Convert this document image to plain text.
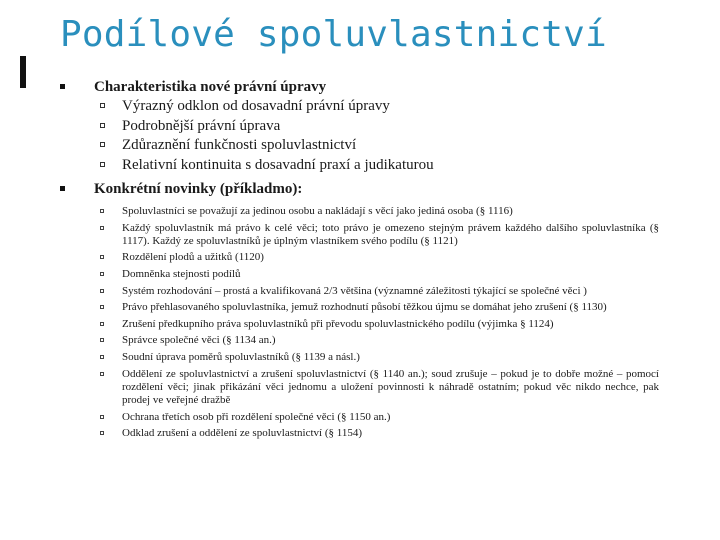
Podílové spoluvlastnictví
Charakteristika nové právní úpravy
Výrazný odklon od dosavadní právní úpravy
Podrobnější právní úprava
Zdůraznění funkčnosti spoluvlastnictví
Relativní kontinuita s dosavadní praxí a judikaturou
Konkrétní novinky (příkladmo):
Spoluvlastníci se považují za jedinou osobu a nakládají s věcí jako jediná osoba (§ 1116)
Každý spoluvlastník má právo k celé věci; toto právo je omezeno stejným právem každého dalšího spoluvlastníka (§ 1117). Každý ze spoluvlastníků je úplným vlastníkem svého podílu (§ 1121)
Rozdělení plodů a užitků (1120)
Domněnka stejnosti podílů
Systém rozhodování – prostá a kvalifikovaná 2/3 většina (významné záležitosti týkající se společné věci )
Právo přehlasovaného spoluvlastníka, jemuž rozhodnutí působí těžkou újmu se domáhat jeho zrušení (§ 1130)
Zrušení předkupního práva spoluvlastníků při převodu spoluvlastnického podílu (výjimka § 1124)
Správce společné věci (§ 1134 an.)
Soudní úprava poměrů spoluvlastníků (§ 1139 a násl.)
Oddělení ze spoluvlastnictví a zrušení spoluvlastnictví (§ 1140 an.); soud zrušuje – pokud je to dobře možné – pomocí rozdělení věci; jinak přikázání věci jednomu a uložení povinnosti k náhradě ostatním; pokud věc nikdo nechce, pak prodej ve veřejné dražbě
Ochrana třetích osob při rozdělení společné věci (§ 1150 an.)
Odklad zrušení a oddělení ze spoluvlastnictví (§ 1154)
